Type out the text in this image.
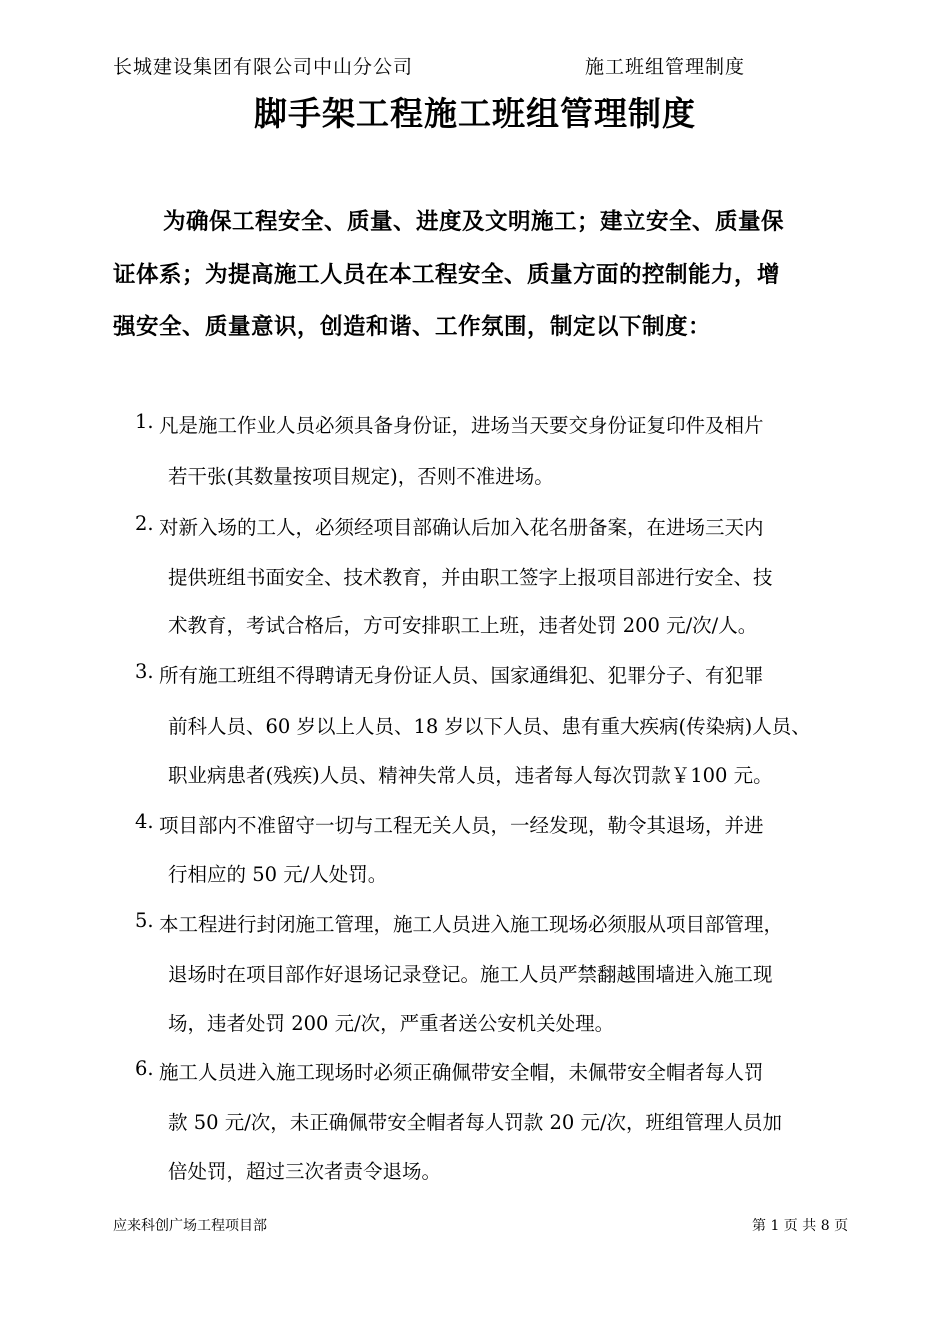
长城建设集团有限公司中山分公司	施工班组管理制度
脚手架工程施工班组管理制度
为确保工程安全、质量、进度及文明施工；建立安全、质量保
证体系；为提高施工人员在本工程安全、质量方面的控制能力，增
强安全、质量意识，创造和谐、工作氛围，制定以下制度：
1. 凡是施工作业人员必须具备身份证，进场当天要交身份证复印件及相片
若干张(其数量按项目规定)，否则不准进场。
2. 对新入场的工人，必须经项目部确认后加入花名册备案，在进场三天内
提供班组书面安全、技术教育，并由职工签字上报项目部进行安全、技
术教育，考试合格后，方可安排职工上班，违者处罚 200 元/次/人。
3. 所有施工班组不得聘请无身份证人员、国家通缉犯、犯罪分子、有犯罪
前科人员、60 岁以上人员、18 岁以下人员、患有重大疾病(传染病)人员、
职业病患者(残疾)人员、精神失常人员，违者每人每次罚款￥100 元。
4. 项目部内不准留守一切与工程无关人员，一经发现，勒令其退场，并进
行相应的 50 元/人处罚。
5. 本工程进行封闭施工管理，施工人员进入施工现场必须服从项目部管理，
退场时在项目部作好退场记录登记。施工人员严禁翻越围墙进入施工现
场，违者处罚 200 元/次，严重者送公安机关处理。
6. 施工人员进入施工现场时必须正确佩带安全帽，未佩带安全帽者每人罚
款 50 元/次，未正确佩带安全帽者每人罚款 20 元/次，班组管理人员加
倍处罚，超过三次者责令退场。
应来科创广场工程项目部	第 1 页 共 8 页
